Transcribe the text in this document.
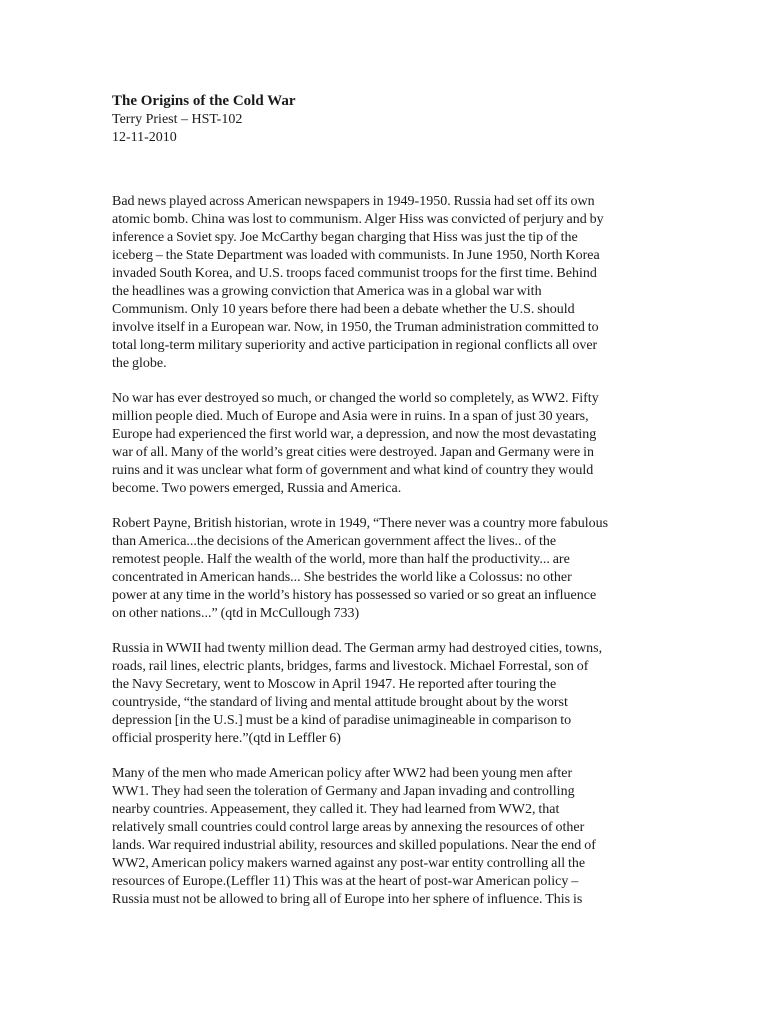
The Origins of the Cold War

Terry Priest – HST-102

12-11-2010

Bad news played across American newspapers in 1949-1950. Russia had set off its own
atomic bomb. China was lost to communism. Alger Hiss was convicted of perjury and by
inference a Soviet spy. Joe McCarthy began charging that Hiss was just the tip of the
iceberg – the State Department was loaded with communists. In June 1950, North Korea
invaded South Korea, and U.S. troops faced communist troops for the first time. Behind
the headlines was a growing conviction that America was in a global war with
Communism. Only 10 years before there had been a debate whether the U.S. should
involve itself in a European war. Now, in 1950, the Truman administration committed to
total long-term military superiority and active participation in regional conflicts all over
the globe.

No war has ever destroyed so much, or changed the world so completely, as WW2. Fifty
million people died. Much of Europe and Asia were in ruins. In a span of just 30 years,
Europe had experienced the first world war, a depression, and now the most devastating
war of all. Many of the world’s great cities were destroyed. Japan and Germany were in
ruins and it was unclear what form of government and what kind of country they would
become. Two powers emerged, Russia and America.

Robert Payne, British historian, wrote in 1949, “There never was a country more fabulous
than America...the decisions of the American government affect the lives.. of the
remotest people. Half the wealth of the world, more than half the productivity... are
concentrated in American hands... She bestrides the world like a Colossus: no other
power at any time in the world’s history has possessed so varied or so great an influence
on other nations...” (qtd in McCullough 733)

Russia in WWII had twenty million dead. The German army had destroyed cities, towns,
roads, rail lines, electric plants, bridges, farms and livestock. Michael Forrestal, son of
the Navy Secretary, went to Moscow in April 1947. He reported after touring the
countryside, “the standard of living and mental attitude brought about by the worst
depression [in the U.S.] must be a kind of paradise unimagineable in comparison to
official prosperity here.”(qtd in Leffler 6)

Many of the men who made American policy after WW2 had been young men after
WW1. They had seen the toleration of Germany and Japan invading and controlling
nearby countries. Appeasement, they called it. They had learned from WW2, that
relatively small countries could control large areas by annexing the resources of other
lands. War required industrial ability, resources and skilled populations. Near the end of
WW2, American policy makers warned against any post-war entity controlling all the
resources of Europe.(Leffler 11) This was at the heart of post-war American policy –
Russia must not be allowed to bring all of Europe into her sphere of influence. This is
